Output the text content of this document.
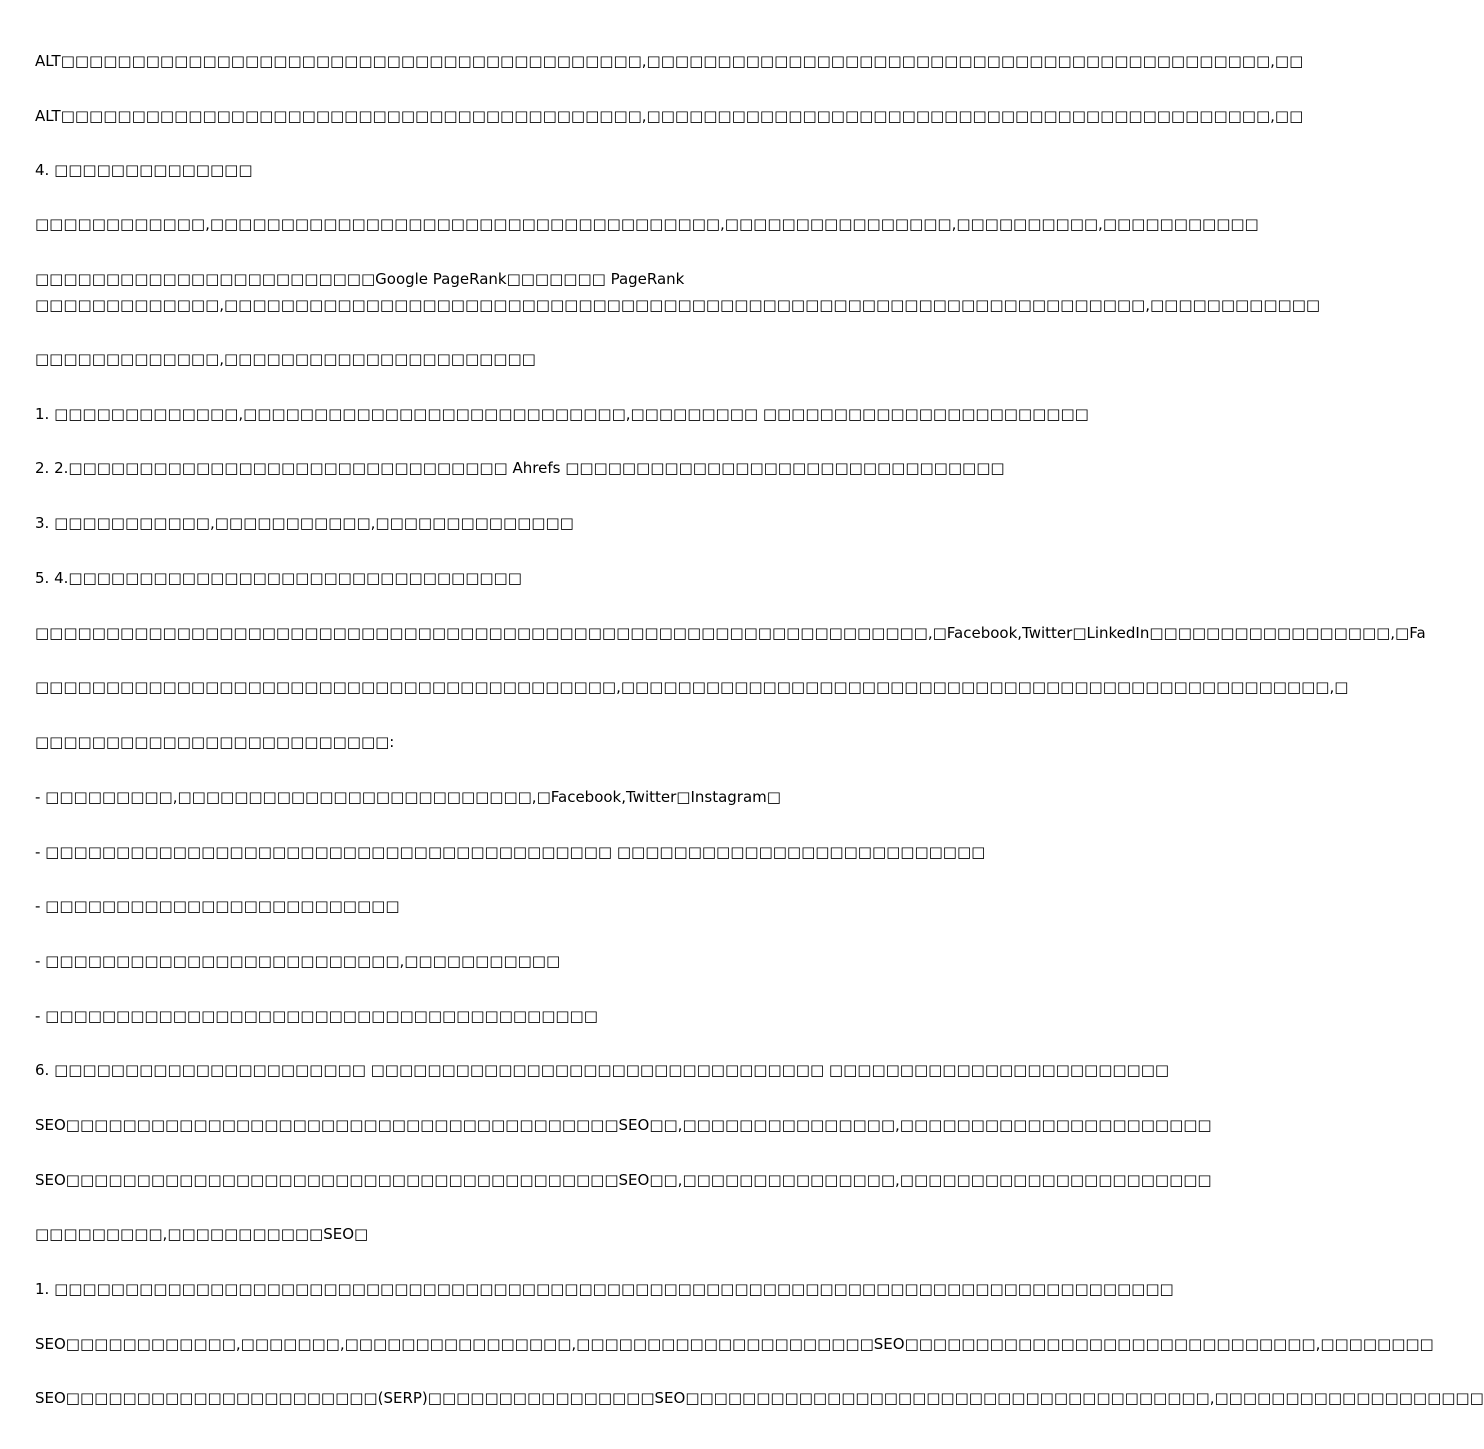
ALT□□□□□□□□□□□□□□□□□□□□□□□□□□□□□□□□□□□□□□□□□,□□□□□□□□□□□□□□□□□□□□□□□□□□□□□□□□□□□□□□□□□□□□,□□
ALT□□□□□□□□□□□□□□□□□□□□□□□□□□□□□□□□□□□□□□□□□,□□□□□□□□□□□□□□□□□□□□□□□□□□□□□□□□□□□□□□□□□□□□,□□
4. □□□□□□□□□□□□□□
□□□□□□□□□□□□,□□□□□□□□□□□□□□□□□□□□□□□□□□□□□□□□□□□□,□□□□□□□□□□□□□□□□,□□□□□□□□□□,□□□□□□□□□□□
□□□□□□□□□□□□□□□□□□□□□□□□Google PageRank□□□□□□□ PageRank
□□□□□□□□□□□□□,□□□□□□□□□□□□□□□□□□□□□□□□□□□□□□□□□□□□□□□□□□□□□□□□□□□□□□□□□□□□□□□□□,□□□□□□□□□□□□
□□□□□□□□□□□□□,□□□□□□□□□□□□□□□□□□□□□□
1. □□□□□□□□□□□□□,□□□□□□□□□□□□□□□□□□□□□□□□□□□,□□□□□□□□□ □□□□□□□□□□□□□□□□□□□□□□□
2. 2.□□□□□□□□□□□□□□□□□□□□□□□□□□□□□□□ Ahrefs □□□□□□□□□□□□□□□□□□□□□□□□□□□□□□□
3. □□□□□□□□□□□,□□□□□□□□□□□,□□□□□□□□□□□□□□
5. 4.□□□□□□□□□□□□□□□□□□□□□□□□□□□□□□□□
□□□□□□□□□□□□□□□□□□□□□□□□□□□□□□□□□□□□□□□□□□□□□□□□□□□□□□□□□□□□□□□,□Facebook,Twitter□LinkedIn□□□□□□□□□□□□□□□□□,□Fa
□□□□□□□□□□□□□□□□□□□□□□□□□□□□□□□□□□□□□□□□□,□□□□□□□□□□□□□□□□□□□□□□□□□□□□□□□□□□□□□□□□□□□□□□□□□□,□
□□□□□□□□□□□□□□□□□□□□□□□□□:
- □□□□□□□□□,□□□□□□□□□□□□□□□□□□□□□□□□□,□Facebook,Twitter□Instagram□
- □□□□□□□□□□□□□□□□□□□□□□□□□□□□□□□□□□□□□□□□ □□□□□□□□□□□□□□□□□□□□□□□□□□
- □□□□□□□□□□□□□□□□□□□□□□□□□
- □□□□□□□□□□□□□□□□□□□□□□□□□,□□□□□□□□□□□
- □□□□□□□□□□□□□□□□□□□□□□□□□□□□□□□□□□□□□□□
6. □□□□□□□□□□□□□□□□□□□□□□ □□□□□□□□□□□□□□□□□□□□□□□□□□□□□□□□ □□□□□□□□□□□□□□□□□□□□□□□□
SEO□□□□□□□□□□□□□□□□□□□□□□□□□□□□□□□□□□□□□□□SEO□□,□□□□□□□□□□□□□□□,□□□□□□□□□□□□□□□□□□□□□□
SEO□□□□□□□□□□□□□□□□□□□□□□□□□□□□□□□□□□□□□□□SEO□□,□□□□□□□□□□□□□□□,□□□□□□□□□□□□□□□□□□□□□□
□□□□□□□□□,□□□□□□□□□□□SEO□
1. □□□□□□□□□□□□□□□□□□□□□□□□□□□□□□□□□□□□□□□□□□□□□□□□□□□□□□□□□□□□□□□□□□□□□□□□□□□□□□□
SEO□□□□□□□□□□□□,□□□□□□□,□□□□□□□□□□□□□□□□,□□□□□□□□□□□□□□□□□□□□□SEO□□□□□□□□□□□□□□□□□□□□□□□□□□□□□,□□□□□□□□
SEO□□□□□□□□□□□□□□□□□□□□□□(SERP)□□□□□□□□□□□□□□□□SEO□□□□□□□□□□□□□□□□□□□□□□□□□□□□□□□□□□□□□,□□□□□□□□□□□□□□□□□□□
